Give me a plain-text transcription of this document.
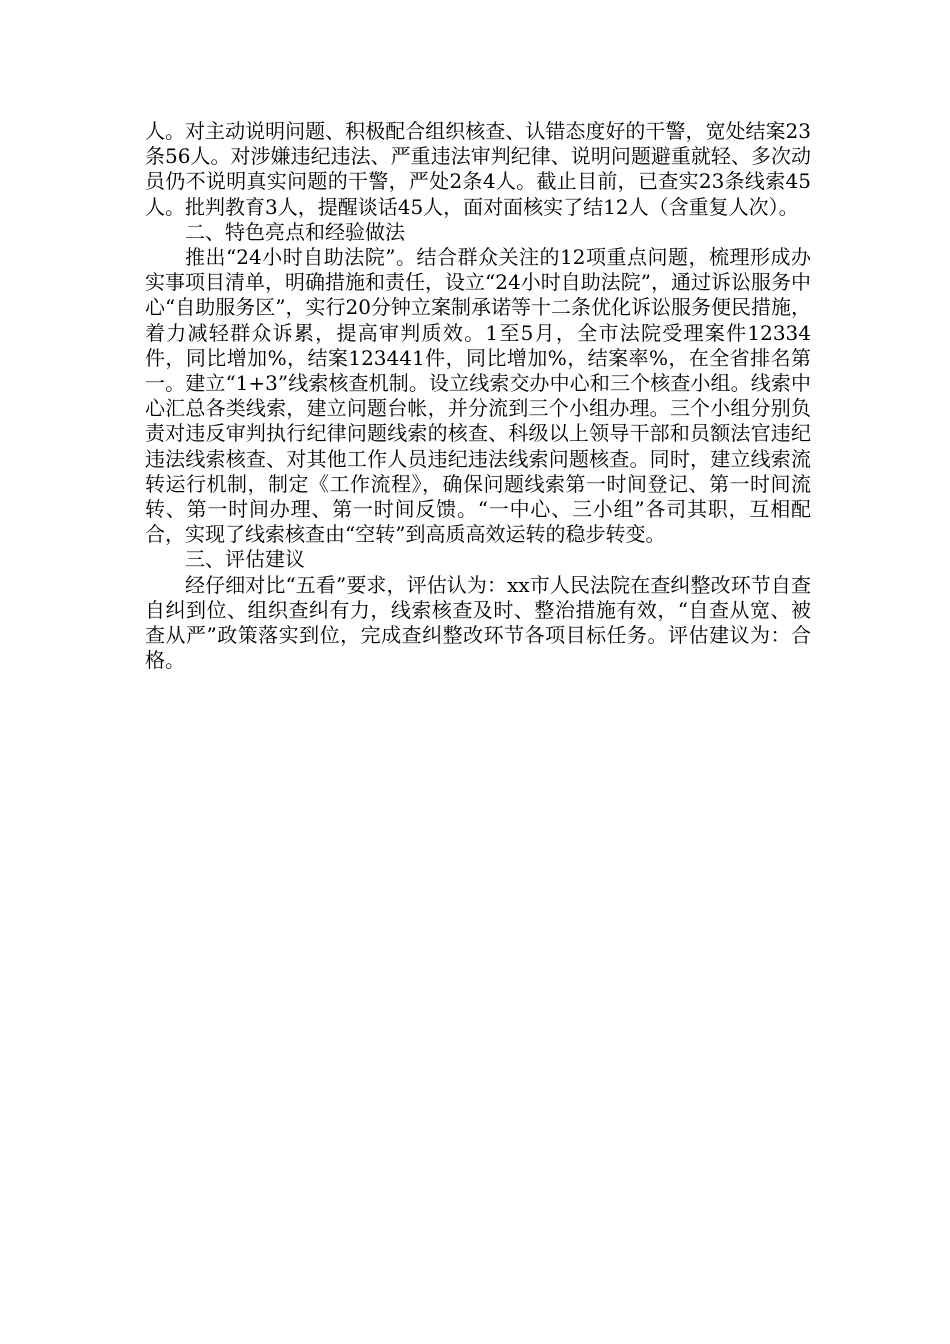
人。对主动说明问题、积极配合组织核查、认错态度好的干警，宽处结案23条56人。对涉嫌违纪违法、严重违法审判纪律、说明问题避重就轻、多次动员仍不说明真实问题的干警，严处2条4人。截止目前，已查实23条线索45人。批判教育3人，提醒谈话45人，面对面核实了结12人（含重复人次）。

二、特色亮点和经验做法

推出“24小时自助法院”。结合群众关注的12项重点问题，梳理形成办实事项目清单，明确措施和责任，设立“24小时自助法院”，通过诉讼服务中心“自助服务区”，实行20分钟立案制承诺等十二条优化诉讼服务便民措施，着力减轻群众诉累，提高审判质效。1至5月，全市法院受理案件12334件，同比增加%，结案123441件，同比增加%，结案率%，在全省排名第一。建立“1+3”线索核查机制。设立线索交办中心和三个核查小组。线索中心汇总各类线索，建立问题台帐，并分流到三个小组办理。三个小组分别负责对违反审判执行纪律问题线索的核查、科级以上领导干部和员额法官违纪违法线索核查、对其他工作人员违纪违法线索问题核查。同时，建立线索流转运行机制，制定《工作流程》，确保问题线索第一时间登记、第一时间流转、第一时间办理、第一时间反馈。“一中心、三小组”各司其职，互相配合，实现了线索核查由“空转”到高质高效运转的稳步转变。

三、评估建议

经仔细对比“五看”要求，评估认为：xx市人民法院在查纠整改环节自查自纠到位、组织查纠有力，线索核查及时、整治措施有效，“自查从宽、被查从严”政策落实到位，完成查纠整改环节各项目标任务。评估建议为：合格。
